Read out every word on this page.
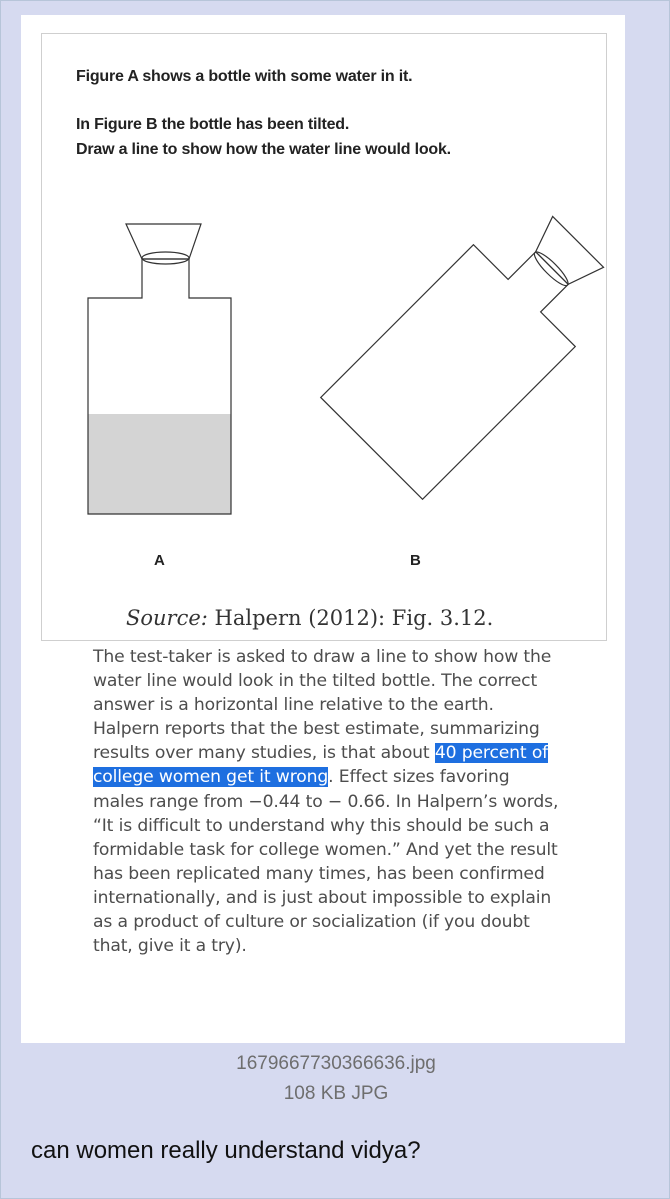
Figure A shows a bottle with some water in it.
In Figure B the bottle has been tilted.
Draw a line to show how the water line would look.
A	B
Source: Halpern (2012): Fig. 3.12.
The test-taker is asked to draw a line to show how the water line would look in the tilted bottle. The correct answer is a horizontal line relative to the earth. Halpern reports that the best estimate, summarizing results over many studies, is that about 40 percent of college women get it wrong. Effect sizes favoring males range from −0.44 to − 0.66. In Halpern’s words, “It is difficult to understand why this should be such a formidable task for college women.” And yet the result has been replicated many times, has been confirmed internationally, and is just about impossible to explain as a product of culture or socialization (if you doubt that, give it a try).
1679667730366636.jpg
108 KB JPG
can women really understand vidya?
